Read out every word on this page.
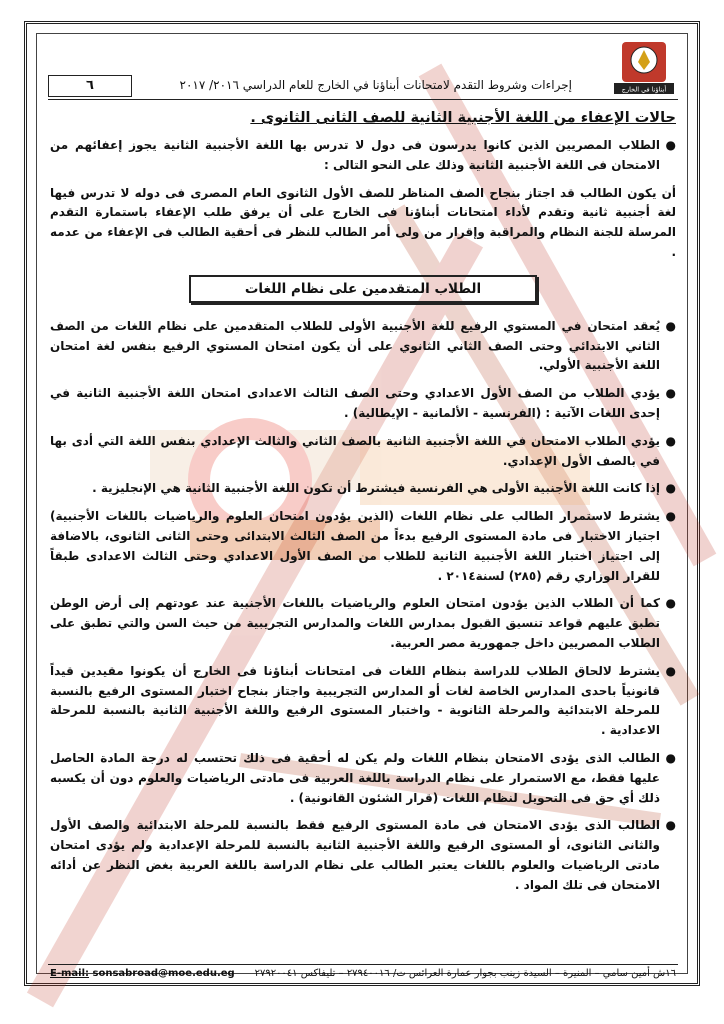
٦	إجراءات وشروط التقدم لامتحانات أبناؤنا في الخارج للعام الدراسي ٢٠١٦/ ٢٠١٧	أبناؤنا في الخارج
حالات الإعفاء من اللغة الأجنبية الثانية للصف الثانى الثانوى .
●
الطلاب المصريين الذين كانوا يدرسون فى دول لا تدرس بها اللغة الأجنبية الثانية يجوز إعفائهم من الامتحان فى اللغة الأجنبية الثانية وذلك على النحو التالى :
أن يكون الطالب قد اجتاز بنجاح الصف المناظر للصف الأول الثانوى العام المصرى فى دوله لا تدرس فيها لغة أجنبية ثانية وتقدم لأداء امتحانات أبناؤنا فى الخارج على أن يرفق طلب الإعفاء باستمارة التقدم المرسلة للجنة النظام والمراقبة وإقرار من ولى أمر الطالب للنظر فى أحقية الطالب فى الإعفاء من عدمه .
الطلاب المتقدمين على نظام اللغات
●
يُعقد امتحان في المستوي الرفيع للغة الأجنبية الأولى للطلاب المتقدمين على نظام اللغات من الصف الثاني الابتدائي وحتى الصف الثاني الثانوي على أن يكون امتحان المستوي الرفيع بنفس لغة امتحان اللغة الأجنبية الأولي.
●
يؤدي الطلاب من الصف الأول الاعدادي وحتى الصف الثالث الاعدادى امتحان اللغة الأجنبية الثانية في إحدى اللغات الآتية : (الفرنسية - الألمانية - الإيطالية) .
●
يؤدي الطلاب الامتحان في اللغة الأجنبية الثانية بالصف الثاني والثالث الإعدادي بنفس اللغة التي أدى بها في بالصف الأول الإعدادي.
●
إذا كانت اللغة الأجنبية الأولى هي الفرنسية فيشترط أن تكون اللغة الأجنبية الثانية هي الإنجليزية .
●
يشترط لاستمرار الطالب على نظام اللغات (الذين يؤدون امتحان العلوم والرياضيات باللغات الأجنبية) اجتياز الاختبار فى مادة المستوى الرفيع بدءاً من الصف الثالث الابتدائى وحتى الثانى الثانوى، بالاضافة إلى اجتياز اختبار اللغة الأجنبية الثانية للطلاب من الصف الأول الاعدادي وحتى الثالث الاعدادى طبقاً للقرار الوزاري رقم (٢٨٥) لسنة٢٠١٤ .
●
كما أن الطلاب الذين يؤدون امتحان العلوم والرياضيات باللغات الأجنبية عند عودتهم إلى أرض الوطن تطبق عليهم قواعد تنسيق القبول بمدارس اللغات والمدارس التجريبية من حيث السن والتي تطبق على الطلاب المصريين داخل جمهورية مصر العربية.
●
يشترط لالحاق الطلاب للدراسة بنظام اللغات فى امتحانات أبناؤنا فى الخارج أن يكونوا مقيدين قيداً قانونياً باحدى المدارس الخاصة لغات أو المدارس التجريبية واجتاز بنجاح اختبار المستوى الرفيع بالنسبة للمرحلة الابتدائية والمرحلة الثانوية - واختبار المستوى الرفيع واللغة الأجنبية الثانية بالنسبة للمرحلة الاعدادية .
●
الطالب الذى يؤدى الامتحان بنظام اللغات ولم يكن له أحقية فى ذلك تحتسب له درجة المادة الحاصل عليها فقط، مع الاستمرار على نظام الدراسة باللغة العربية فى مادتى الرياضيات والعلوم دون أن يكسبه ذلك أي حق فى التحويل لنظام اللغات (قرار الشئون القانونية) .
●
الطالب الذى يؤدى الامتحان فى مادة المستوى الرفيع فقط بالنسبة للمرحلة الابتدائية والصف الأول والثانى الثانوى، أو المستوى الرفيع واللغة الأجنبية الثانية بالنسبة للمرحلة الإعدادية ولم يؤدى امتحان مادتى الرياضيات والعلوم باللغات يعتبر الطالب على نظام الدراسة باللغة العربية بغض النظر عن أدائه الامتحان فى تلك المواد .
١٦ش أمين سامي – المنيرة – السيدة زينب بجوار عمارة العرائس ت/ ٢٧٩٤٠٠١٦ – تليفاكس ٢٧٩٢٠٠٤١
E-mail: sonsabroad@moe.edu.eg
